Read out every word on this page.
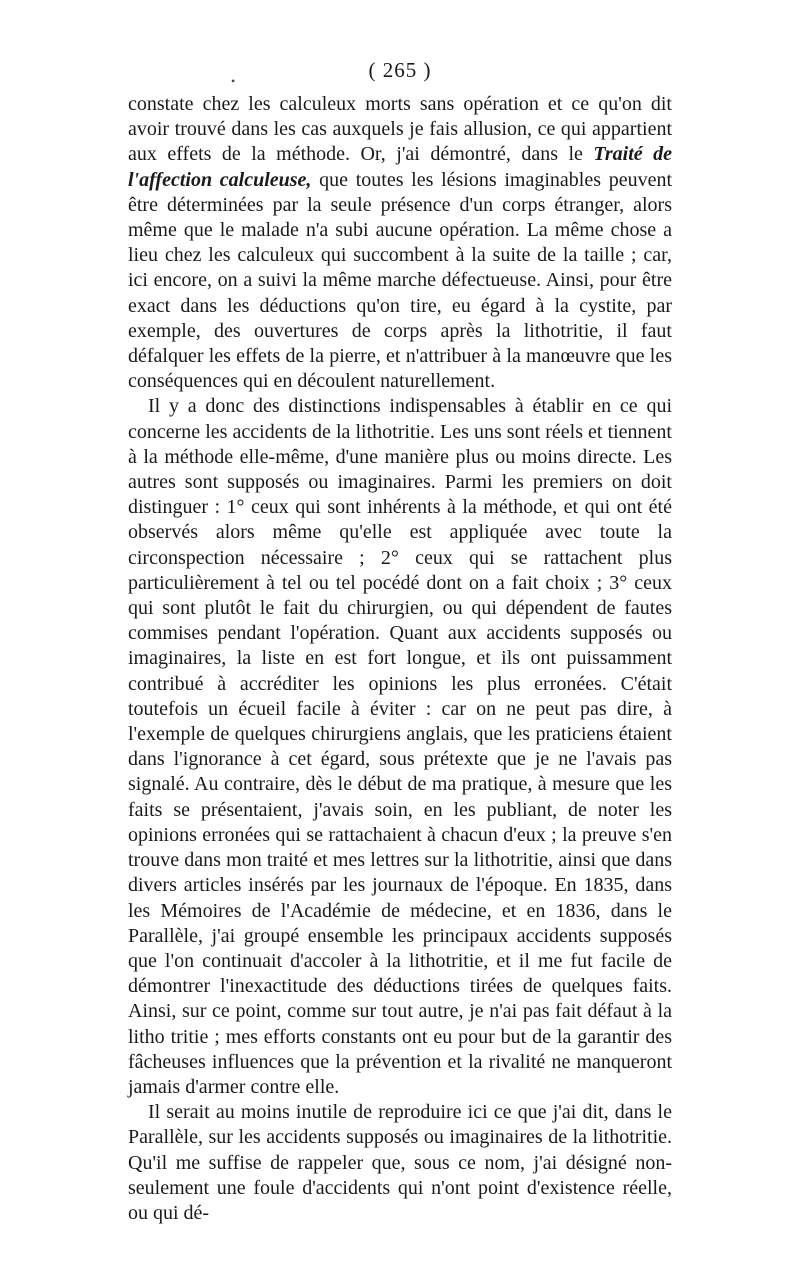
( 265 )
•

constate chez les calculeux morts sans opération et ce qu'on dit avoir trouvé dans les cas auxquels je fais allusion, ce qui appartient aux effets de la méthode. Or, j'ai démontré, dans le Traité de l'affection calculeuse, que toutes les lésions imaginables peuvent être déterminées par la seule présence d'un corps étranger, alors même que le malade n'a subi aucune opération. La même chose a lieu chez les calculeux qui succombent à la suite de la taille ; car, ici encore, on a suivi la même marche défectueuse. Ainsi, pour être exact dans les déductions qu'on tire, eu égard à la cystite, par exemple, des ouvertures de corps après la lithotritie, il faut défalquer les effets de la pierre, et n'attribuer à la manœuvre que les conséquences qui en découlent naturellement.

Il y a donc des distinctions indispensables à établir en ce qui concerne les accidents de la lithotritie. Les uns sont réels et tiennent à la méthode elle-même, d'une manière plus ou moins directe. Les autres sont supposés ou imaginaires. Parmi les premiers on doit distinguer : 1° ceux qui sont inhérents à la méthode, et qui ont été observés alors même qu'elle est appliquée avec toute la circonspection nécessaire ; 2° ceux qui se rattachent plus particulièrement à tel ou tel pocédé dont on a fait choix ; 3° ceux qui sont plutôt le fait du chirurgien, ou qui dépendent de fautes commises pendant l'opération. Quant aux accidents supposés ou imaginaires, la liste en est fort longue, et ils ont puissamment contribué à accréditer les opinions les plus erronées. C'était toutefois un écueil facile à éviter : car on ne peut pas dire, à l'exemple de quelques chirurgiens anglais, que les praticiens étaient dans l'ignorance à cet égard, sous prétexte que je ne l'avais pas signalé. Au contraire, dès le début de ma pratique, à mesure que les faits se présentaient, j'avais soin, en les publiant, de noter les opinions erronées qui se rattachaient à chacun d'eux ; la preuve s'en trouve dans mon traité et mes lettres sur la lithotritie, ainsi que dans divers articles insérés par les journaux de l'époque. En 1835, dans les Mémoires de l'Académie de médecine, et en 1836, dans le Parallèle, j'ai groupé ensemble les principaux accidents supposés que l'on continuait d'accoler à la lithotritie, et il me fut facile de démontrer l'inexactitude des déductions tirées de quelques faits. Ainsi, sur ce point, comme sur tout autre, je n'ai pas fait défaut à la litho tritie ; mes efforts constants ont eu pour but de la garantir des fâcheuses influences que la prévention et la rivalité ne manqueront jamais d'armer contre elle.

Il serait au moins inutile de reproduire ici ce que j'ai dit, dans le Parallèle, sur les accidents supposés ou imaginaires de la lithotritie. Qu'il me suffise de rappeler que, sous ce nom, j'ai désigné non-seulement une foule d'accidents qui n'ont point d'existence réelle, ou qui dé-
